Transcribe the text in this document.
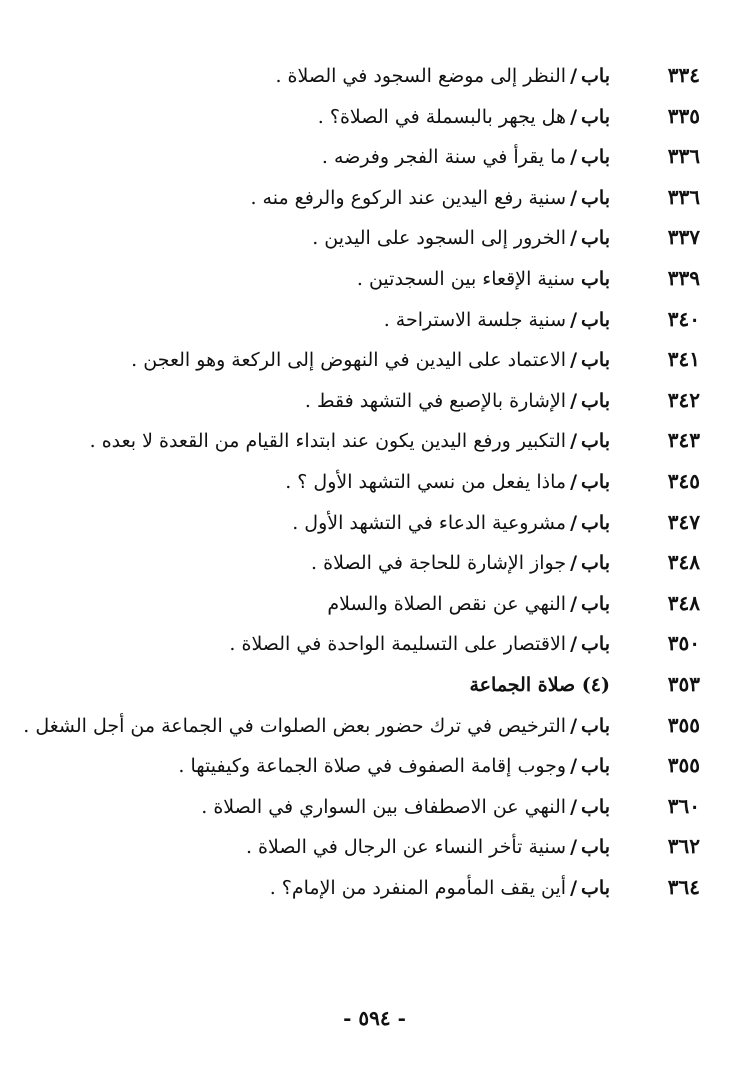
٣٣٤
باب/النظر إلى موضع السجود في الصلاة .
٣٣٥
باب/هل يجهر بالبسملة في الصلاة؟ .
٣٣٦
باب/ما يقرأ في سنة الفجر وفرضه .
٣٣٦
باب/سنية رفع اليدين عند الركوع والرفع منه .
٣٣٧
باب/الخرور إلى السجود على اليدين .
٣٣٩
باب سنية الإقعاء بين السجدتين .
٣٤٠
باب/سنية جلسة الاستراحة .
٣٤١
باب/الاعتماد على اليدين في النهوض إلى الركعة وهو العجن .
٣٤٢
باب/الإشارة بالإصبع في التشهد فقط .
٣٤٣
باب/التكبير ورفع اليدين يكون عند ابتداء القيام من القعدة لا بعده .
٣٤٥
باب/ماذا يفعل من نسي التشهد الأول ؟ .
٣٤٧
باب/مشروعية الدعاء في التشهد الأول .
٣٤٨
باب/جواز الإشارة للحاجة في الصلاة .
٣٤٨
باب/النهي عن نقص الصلاة والسلام
٣٥٠
باب/الاقتصار على التسليمة الواحدة في الصلاة .
٣٥٣
(٤) صلاة الجماعة
٣٥٥
باب/الترخيص في ترك حضور بعض الصلوات في الجماعة من أجل الشغل .
٣٥٥
باب/وجوب إقامة الصفوف في صلاة الجماعة وكيفيتها .
٣٦٠
باب/النهي عن الاصطفاف بين السواري في الصلاة .
٣٦٢
باب/سنية تأخر النساء عن الرجال في الصلاة .
٣٦٤
باب/أين يقف المأموم المنفرد من الإمام؟ .
- ٥٩٤ -
